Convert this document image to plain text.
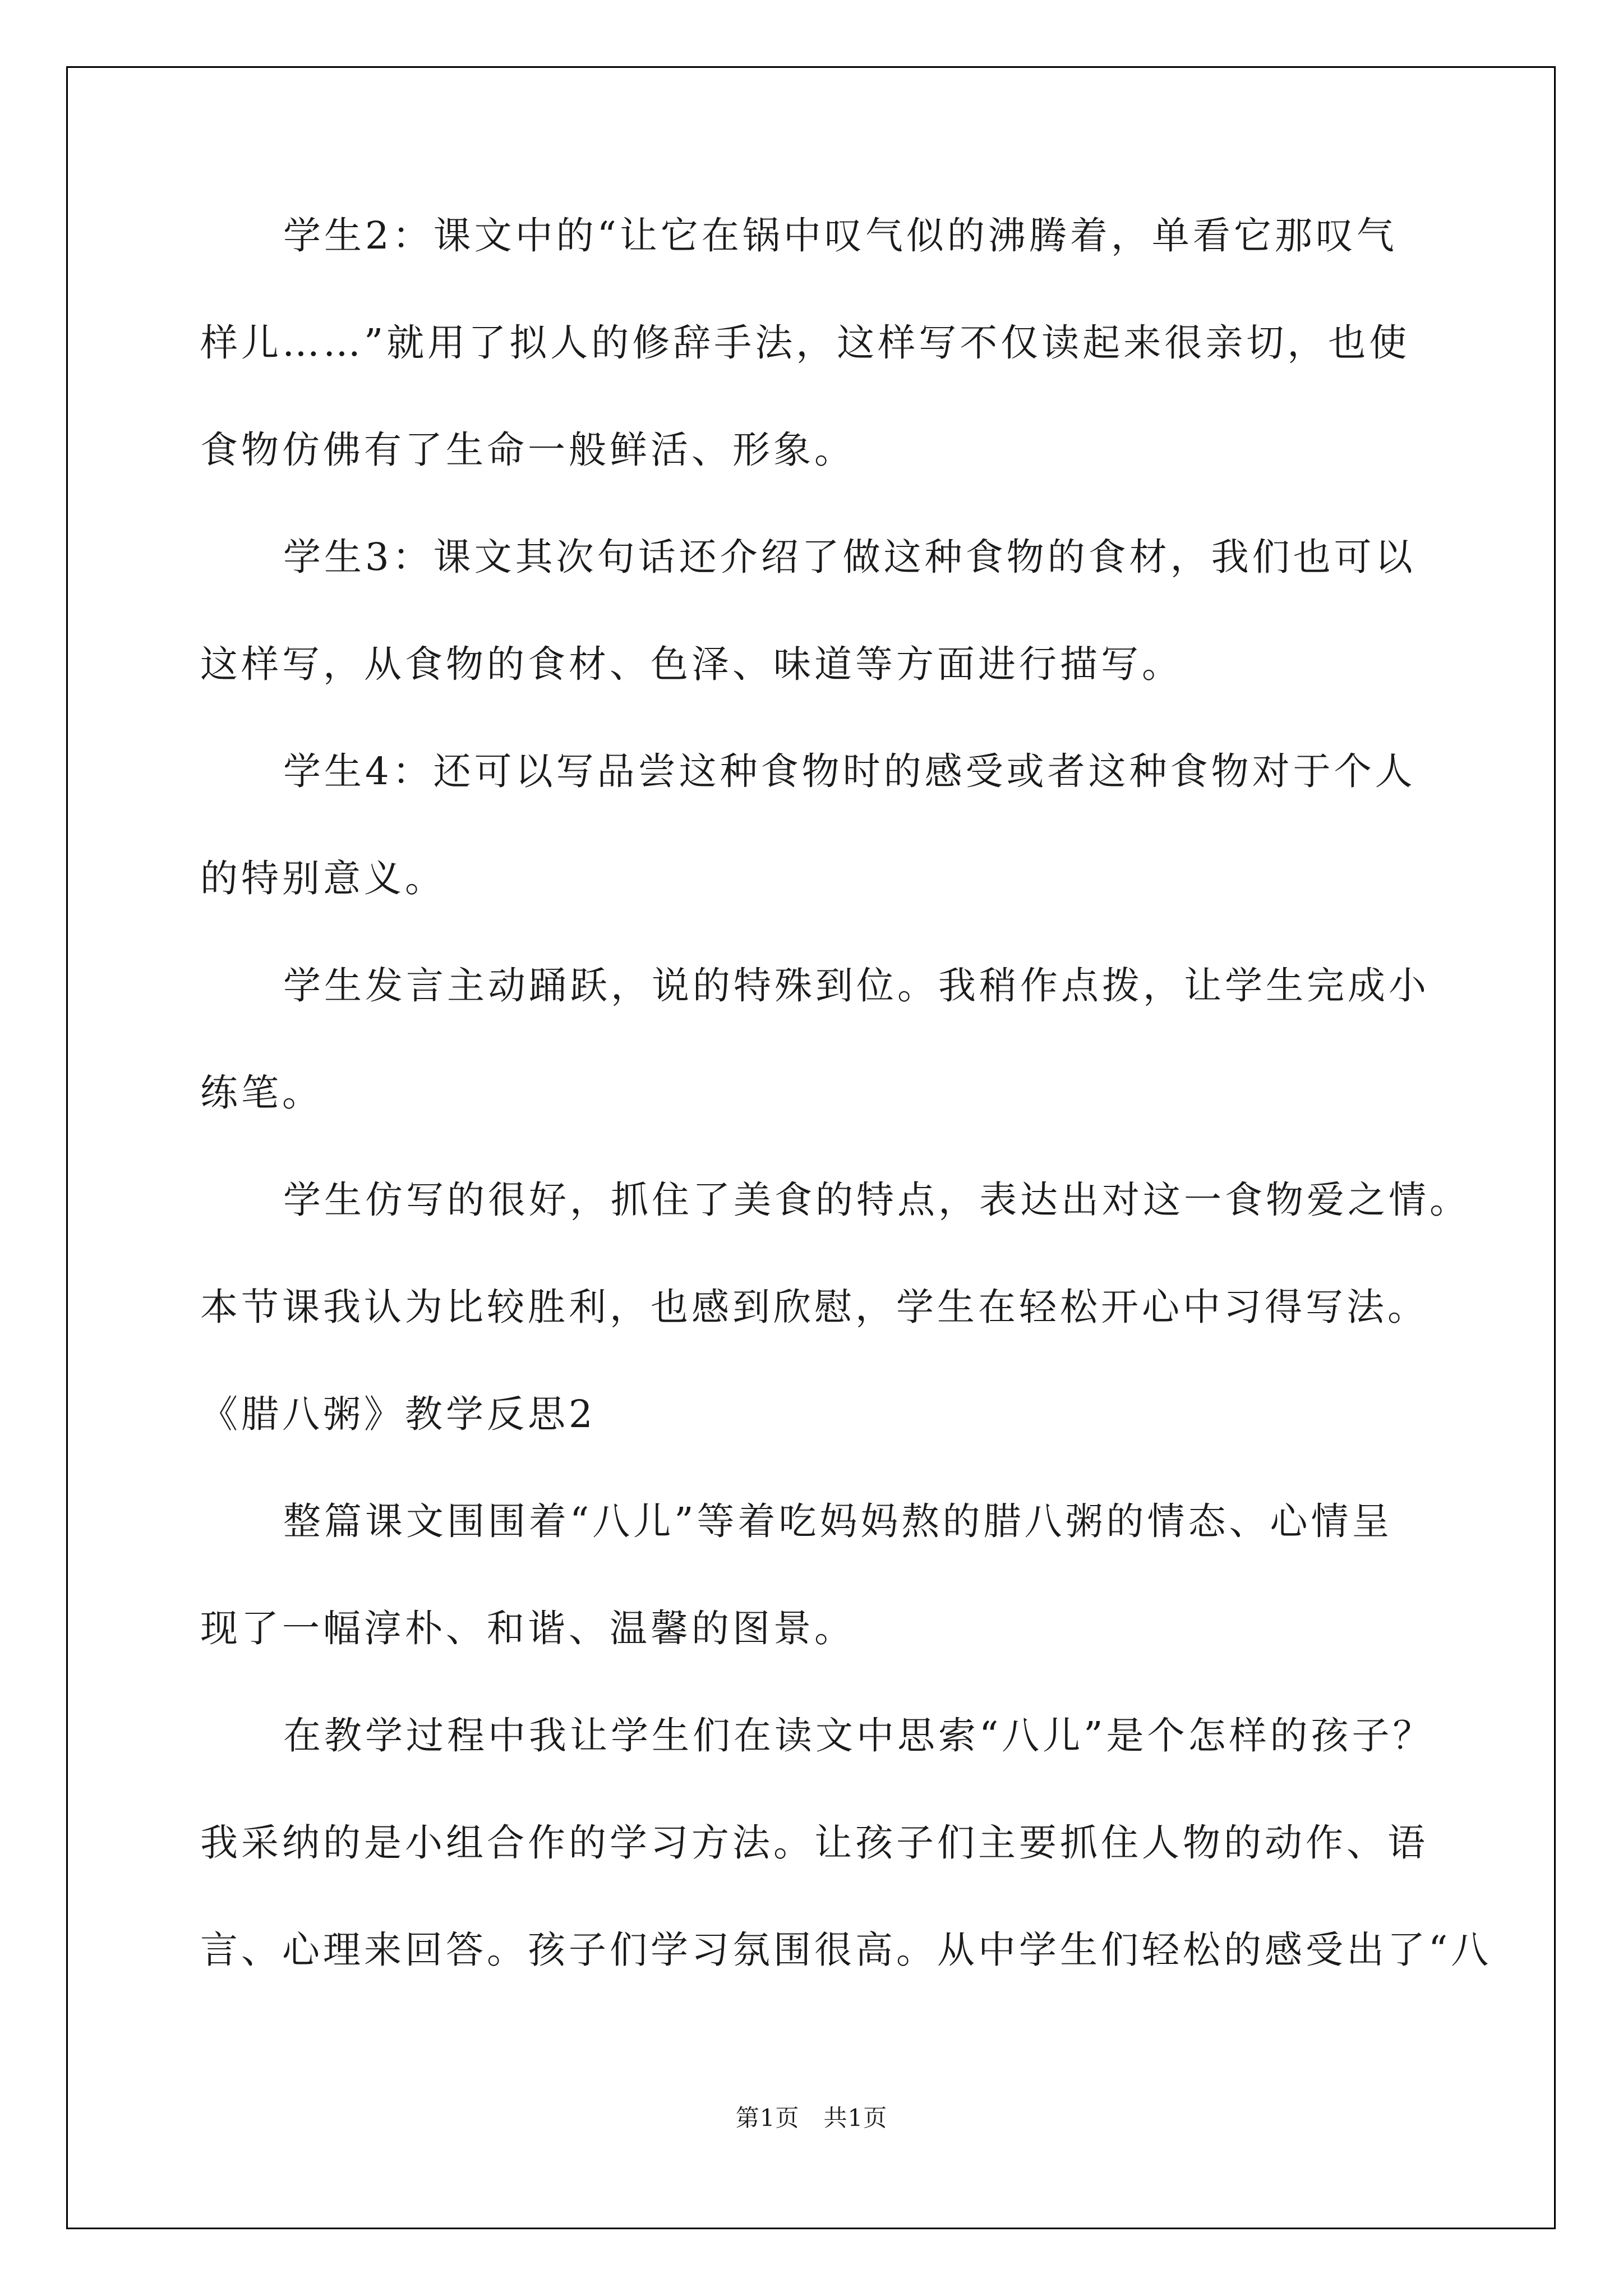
学生2：课文中的“让它在锅中叹气似的沸腾着，单看它那叹气
样儿……”就用了拟人的修辞手法，这样写不仅读起来很亲切，也使
食物仿佛有了生命一般鲜活、形象。
学生3：课文其次句话还介绍了做这种食物的食材，我们也可以
这样写，从食物的食材、色泽、味道等方面进行描写。
学生4：还可以写品尝这种食物时的感受或者这种食物对于个人
的特别意义。
学生发言主动踊跃，说的特殊到位。我稍作点拨，让学生完成小
练笔。
学生仿写的很好，抓住了美食的特点，表达出对这一食物爱之情。
本节课我认为比较胜利，也感到欣慰，学生在轻松开心中习得写法。
《腊八粥》教学反思2
整篇课文围围着“八儿”等着吃妈妈熬的腊八粥的情态、心情呈
现了一幅淳朴、和谐、温馨的图景。
在教学过程中我让学生们在读文中思索“八儿”是个怎样的孩子？
我采纳的是小组合作的学习方法。让孩子们主要抓住人物的动作、语
言、心理来回答。孩子们学习氛围很高。从中学生们轻松的感受出了“八
第1页　共1页
